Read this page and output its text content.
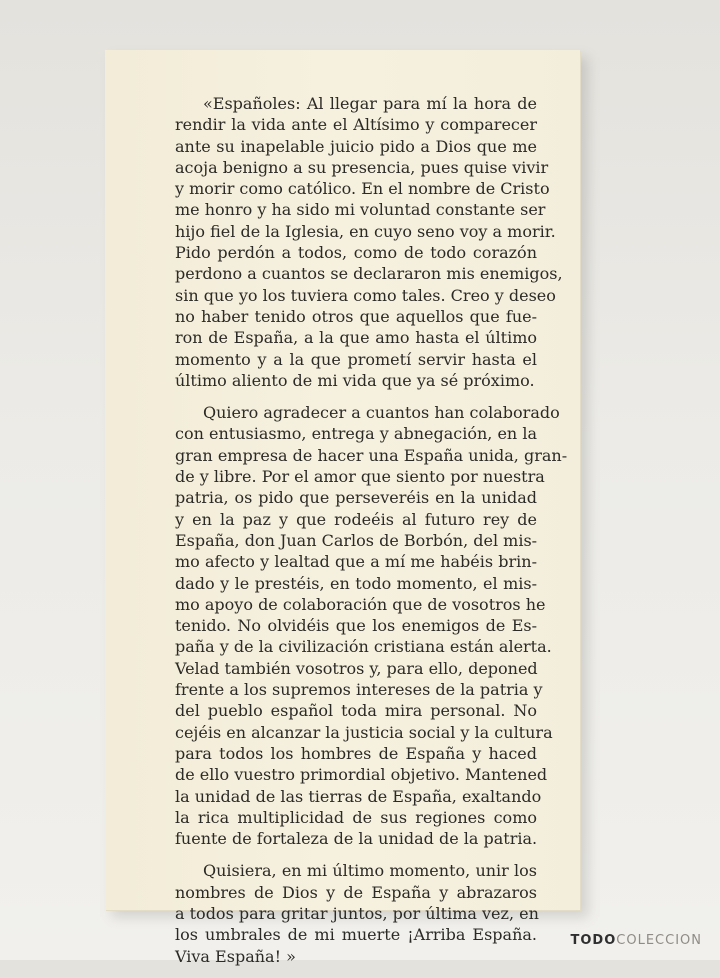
«Españoles: Al llegar para mí la hora de
rendir la vida ante el Altísimo y comparecer
ante su inapelable juicio pido a Dios que me
acoja benigno a su presencia, pues quise vivir
y morir como católico. En el nombre de Cristo
me honro y ha sido mi voluntad constante ser
hijo fiel de la Iglesia, en cuyo seno voy a morir.
Pido perdón a todos, como de todo corazón
perdono a cuantos se declararon mis enemigos,
sin que yo los tuviera como tales. Creo y deseo
no haber tenido otros que aquellos que fue-
ron de España, a la que amo hasta el último
momento y a la que prometí servir hasta el
último aliento de mi vida que ya sé próximo.
Quiero agradecer a cuantos han colaborado
con entusiasmo, entrega y abnegación, en la
gran empresa de hacer una España unida, gran-
de y libre. Por el amor que siento por nuestra
patria, os pido que perseveréis en la unidad
y en la paz y que rodeéis al futuro rey de
España, don Juan Carlos de Borbón, del mis-
mo afecto y lealtad que a mí me habéis brin-
dado y le prestéis, en todo momento, el mis-
mo apoyo de colaboración que de vosotros he
tenido. No olvidéis que los enemigos de Es-
paña y de la civilización cristiana están alerta.
Velad también vosotros y, para ello, deponed
frente a los supremos intereses de la patria y
del pueblo español toda mira personal. No
cejéis en alcanzar la justicia social y la cultura
para todos los hombres de España y haced
de ello vuestro primordial objetivo. Mantened
la unidad de las tierras de España, exaltando
la rica multiplicidad de sus regiones como
fuente de fortaleza de la unidad de la patria.
Quisiera, en mi último momento, unir los
nombres de Dios y de España y abrazaros
a todos para gritar juntos, por última vez, en
los umbrales de mi muerte ¡Arriba España.
Viva España! »
TODOCOLECCION
